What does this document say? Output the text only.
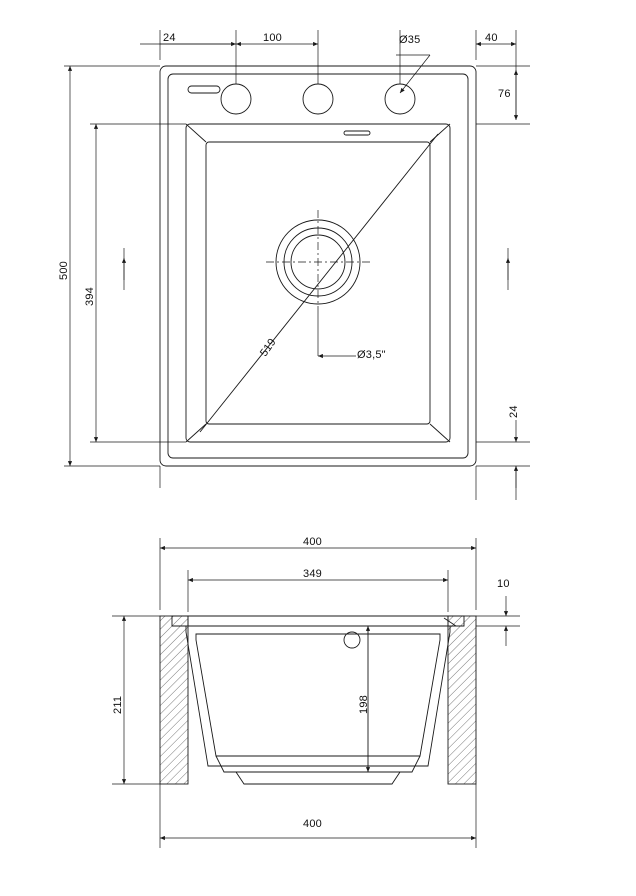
24	100	Ø35	40
76
500
394
519	Ø3,5"
24
400
349
10
211	198
400
